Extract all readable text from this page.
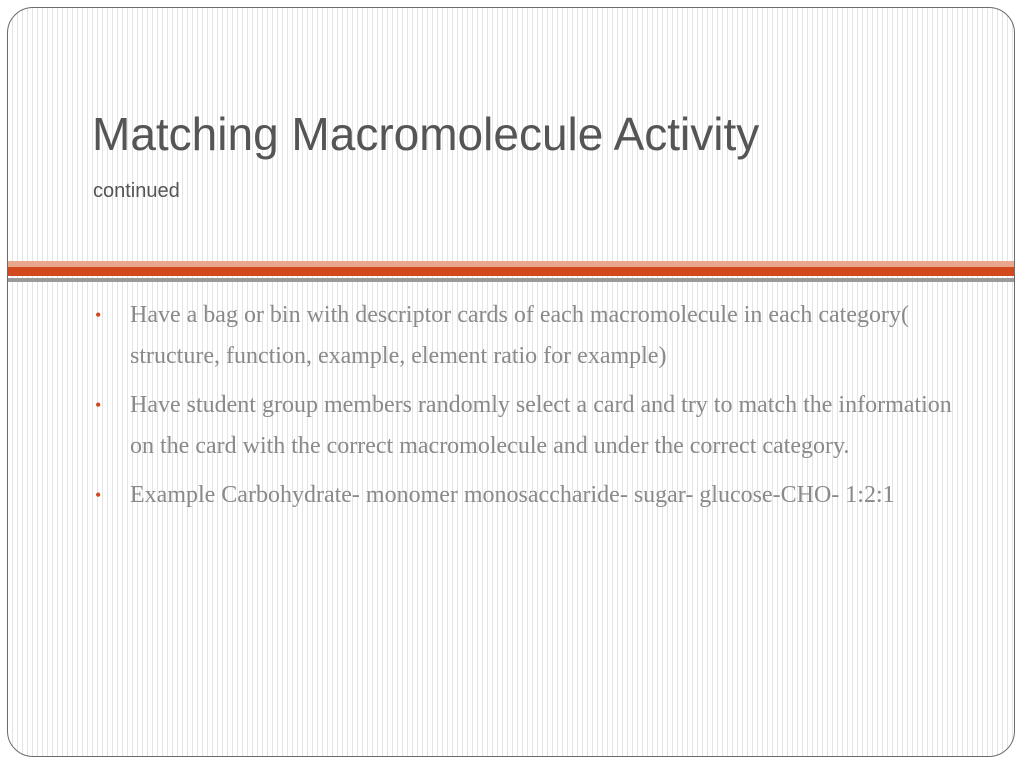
Matching Macromolecule Activity
continued
• Have a bag or bin with descriptor cards of each macromolecule in each category( structure, function, example, element ratio for example)
• Have student group members randomly select a card and try to match the information on the card with the correct macromolecule and under the correct category.
• Example Carbohydrate- monomer monosaccharide- sugar- glucose-CHO- 1:2:1
